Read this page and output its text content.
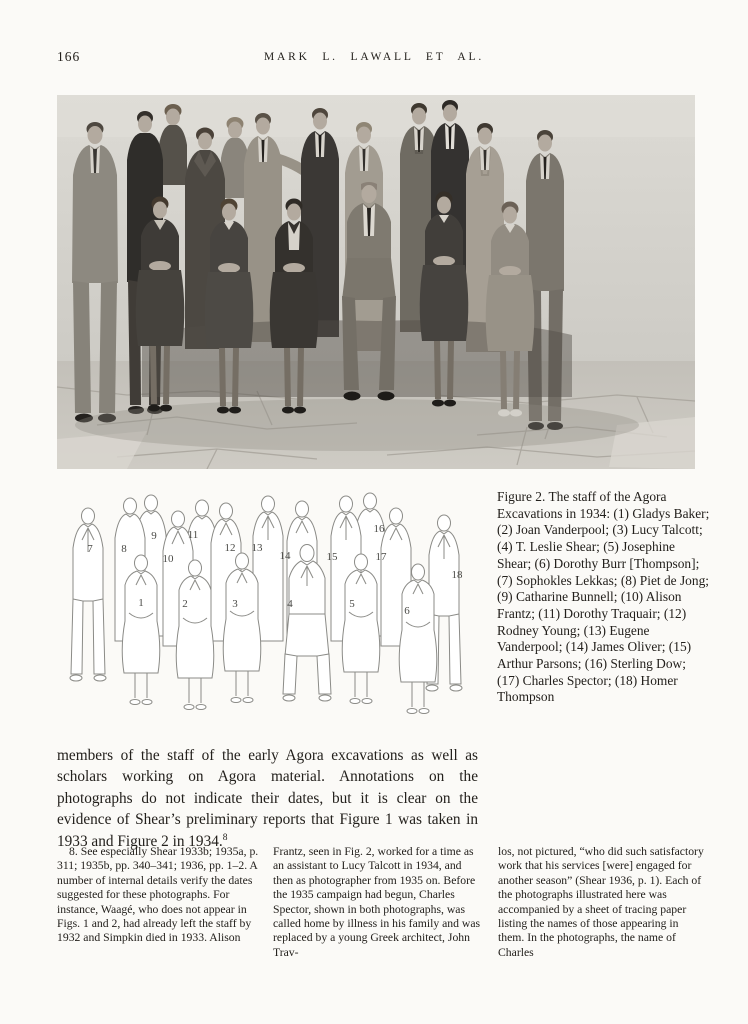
166	MARK L. LAWALL ET AL.
7	8
9
10
11
12 13
14	15
16
17
18
1	2	3	4	5
6
Figure 2. The staff of the Agora Excavations in 1934: (1) Gladys Baker; (2) Joan Vanderpool; (3) Lucy Talcott; (4) T. Leslie Shear; (5) Josephine Shear; (6) Dorothy Burr [Thompson]; (7) Sophokles Lekkas; (8) Piet de Jong; (9) Catharine Bunnell; (10) Alison Frantz; (11) Dorothy Traquair; (12) Rodney Young; (13) Eugene Vanderpool; (14) James Oliver; (15) Arthur Parsons; (16) Sterling Dow; (17) Charles Spector; (18) Homer Thompson
members of the staff of the early Agora excavations as well as scholars working on Agora material. Annotations on the photographs do not indicate their dates, but it is clear on the evidence of Shear’s preliminary reports that Figure 1 was taken in 1933 and Figure 2 in 1934.$^8$
8. See especially Shear 1933b; 1935a, p. 311; 1935b, pp. 340–341; 1936, pp. 1–2. A number of internal details verify the dates suggested for these photographs. For instance, Waagé, who does not appear in Figs. 1 and 2, had already left the staff by 1932 and Simpkin died in 1933. Alison
Frantz, seen in Fig. 2, worked for a time as an assistant to Lucy Talcott in 1934, and then as photographer from 1935 on. Before the 1935 campaign had begun, Charles Spector, shown in both photographs, was called home by illness in his family and was replaced by a young Greek architect, John Trav-
los, not pictured, “who did such satisfactory work that his services [were] engaged for another season” (Shear 1936, p. 1). Each of the photographs illustrated here was accompanied by a sheet of tracing paper listing the names of those appearing in them. In the photographs, the name of Charles
